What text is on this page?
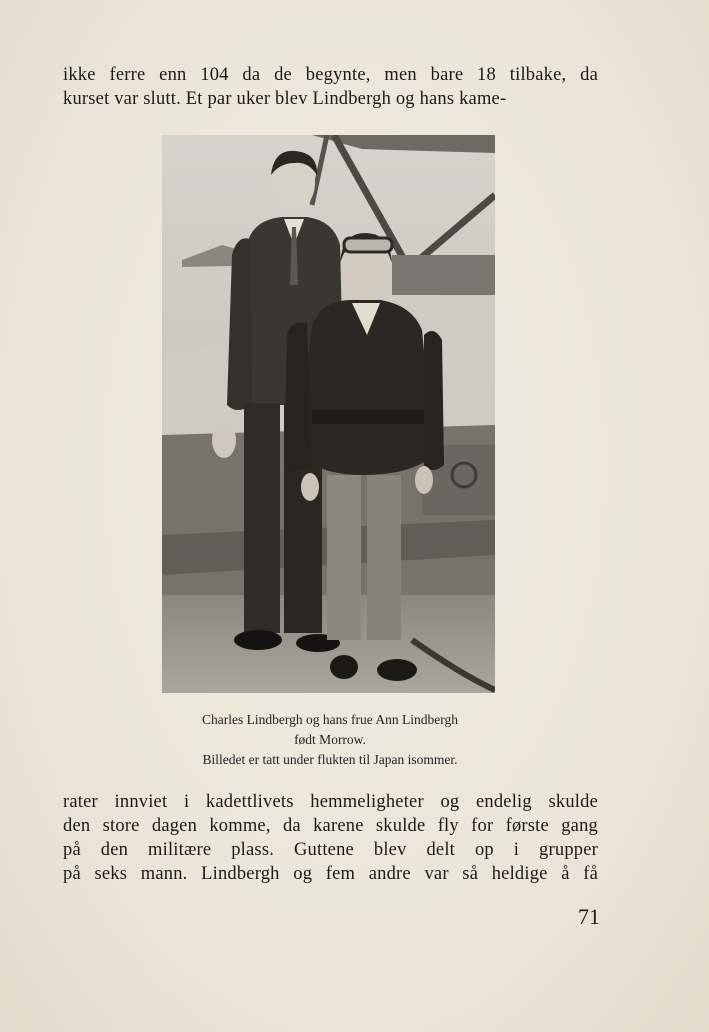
ikke ferre enn 104 da de begynte, men bare 18 tilbake, da
kurset var slutt. Et par uker blev Lindbergh og hans kame-
Charles Lindbergh og hans frue Ann Lindbergh
født Morrow.
Billedet er tatt under flukten til Japan isommer.
rater innviet i kadettlivets hemmeligheter og endelig skulde
den store dagen komme, da karene skulde fly for første gang
på den militære plass. Guttene blev delt op i grupper
på seks mann. Lindbergh og fem andre var så heldige å få
71
